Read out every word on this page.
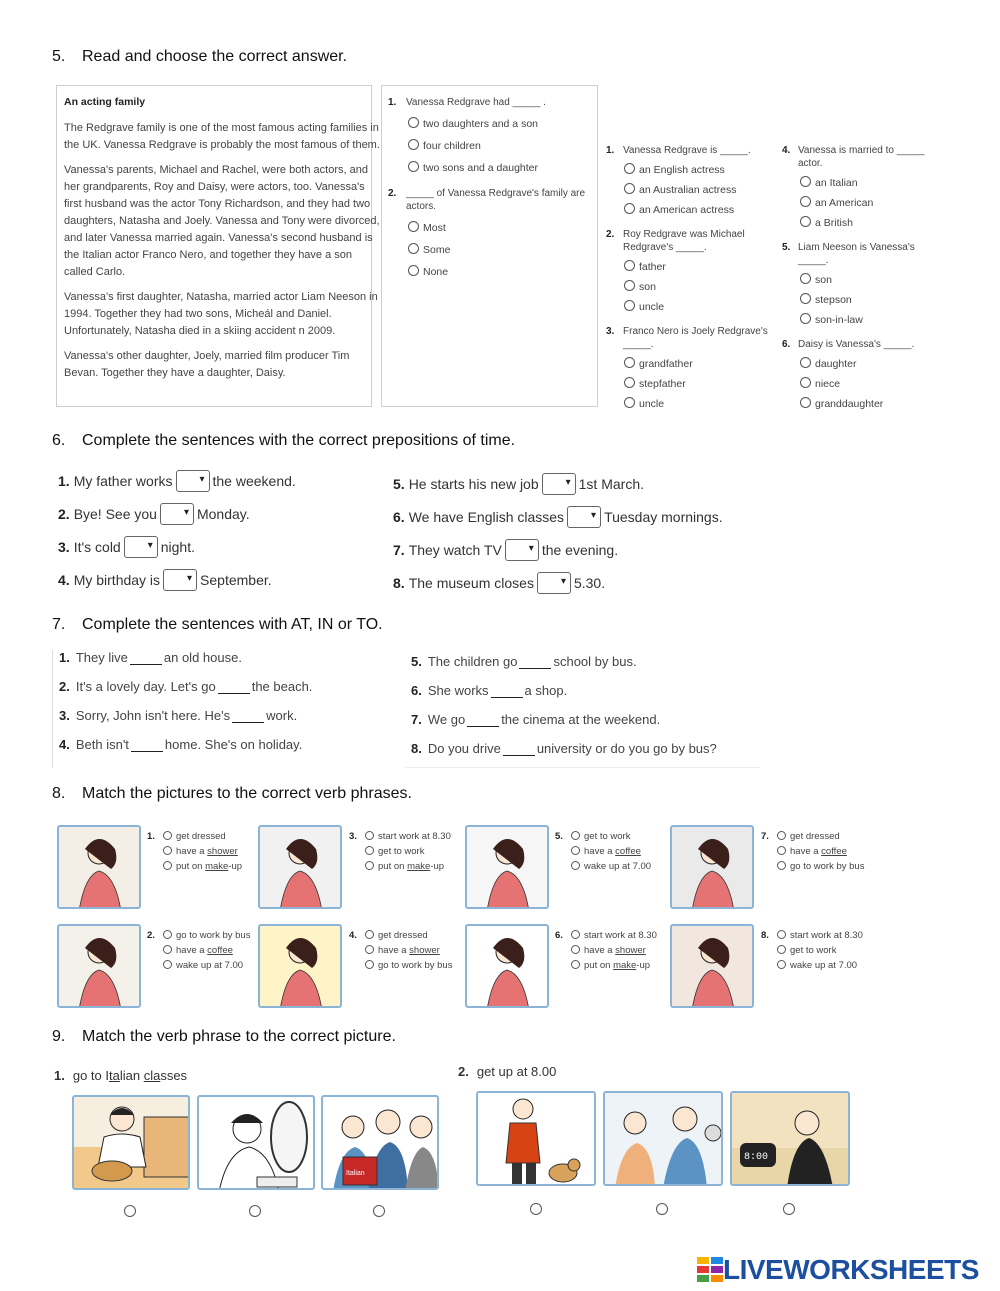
5. Read and choose the correct answer.
An acting family
The Redgrave family is one of the most famous acting families in
the UK. Vanessa Redgrave is probably the most famous of them.
Vanessa's parents, Michael and Rachel, were both actors, and
her grandparents, Roy and Daisy, were actors, too. Vanessa's
first husband was the actor Tony Richardson, and they had two
daughters, Natasha and Joely. Vanessa and Tony were divorced,
and later Vanessa married again. Vanessa's second husband is
the Italian actor Franco Nero, and together they have a son
called Carlo.
Vanessa's first daughter, Natasha, married actor Liam Neeson in
1994. Together they had two sons, Micheál and Daniel.
Unfortunately, Natasha died in a skiing accident n 2009.
Vanessa's other daughter, Joely, married film producer Tim
Bevan. Together they have a daughter, Daisy.
1. Vanessa Redgrave had _____ .
two daughters and a son
four children
two sons and a daughter
2. _____ of Vanessa Redgrave's family are
actors.
Most
Some
None
1. Vanessa Redgrave is _____.
an English actress
an Australian actress
an American actress
2. Roy Redgrave was Michael
Redgrave's _____.
father
son
uncle
3. Franco Nero is Joely Redgrave's
_____.
grandfather
stepfather
uncle
4. Vanessa is married to _____
actor.
an Italian
an American
a British
5. Liam Neeson is Vanessa's
_____.
son
stepson
son-in-law
6. Daisy is Vanessa's _____.
daughter
niece
granddaughter
6. Complete the sentences with the correct prepositions of time.
1. My father works ▾	the weekend.
2. Bye! See you ▾	Monday.
3. It's cold ▾	night.
4. My birthday is ▾	September.
5. He starts his new job ▾	1st March.
6. We have English classes ▾	Tuesday mornings.
7. They watch TV ▾	the evening.
8. The museum closes ▾	5.30.
7. Complete the sentences with AT, IN or TO.
1. They live	an old house.
2. It's a lovely day. Let's go	the beach.
3. Sorry, John isn't here. He's	work.
4. Beth isn't	home. She's on holiday.
5. The children go	school by bus.
6. She works	a shop.
7. We go	the cinema at the weekend.
8. Do you drive	university or do you go by bus?
8. Match the pictures to the correct verb phrases.
1. get dressed
have a shower
put on make-up
3. start work at 8.30
get to work
put on make-up
5. get to work
have a coffee
wake up at 7.00
7. get dressed
have a coffee
go to work by bus
2. go to work by bus
have a coffee
wake up at 7.00
4. get dressed
have a shower
go to work by bus
6. start work at 8.30
have a shower
put on make-up
8. start work at 8.30
get to work
wake up at 7.00
9. Match the verb phrase to the correct picture.
1. go to Italian classes	2. get up at 8.00
Italian
8:00
LIVEWORKSHEETS
